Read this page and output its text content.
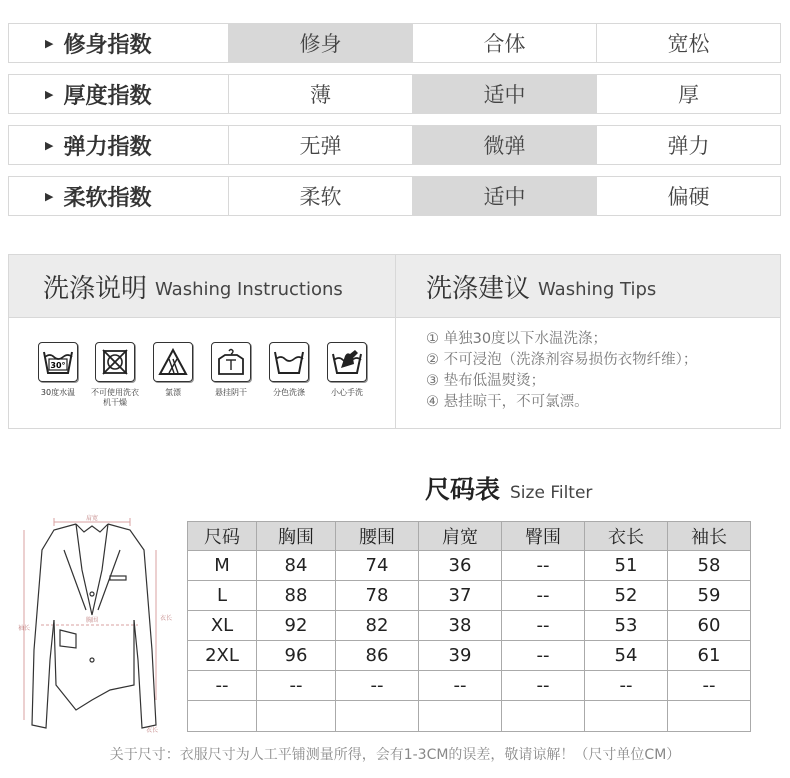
▶ 修身指数	修身	合体	宽松
▶ 厚度指数	薄	适中	厚
▶ 弹力指数	无弹	微弹	弹力
▶ 柔软指数	柔软	适中	偏硬
洗涤说明 Washing Instructions	洗涤建议 Washing Tips
30°
30度水温	不可使用洗衣机干燥
氯漂	悬挂阴干	分色洗涤	小心手洗
① 单独30度以下水温洗涤；
② 不可浸泡（洗涤剂容易损伤衣物纤维）；
③ 垫布低温熨烫；
④ 悬挂晾干，不可氯漂。
尺码表 Size Filter
肩宽
衣长
袖长
胸围
衣长
尺码	胸围	腰围	肩宽	臀围	衣长	袖长
M	84	74	36	--	51	58
L	88	78	37	--	52	59
XL	92	82	38	--	53	60
2XL	96	86	39	--	54	61
--	--	--	--	--	--	--

关于尺寸：衣服尺寸为人工平铺测量所得，会有1-3CM的误差，敬请谅解！（尺寸单位CM）
